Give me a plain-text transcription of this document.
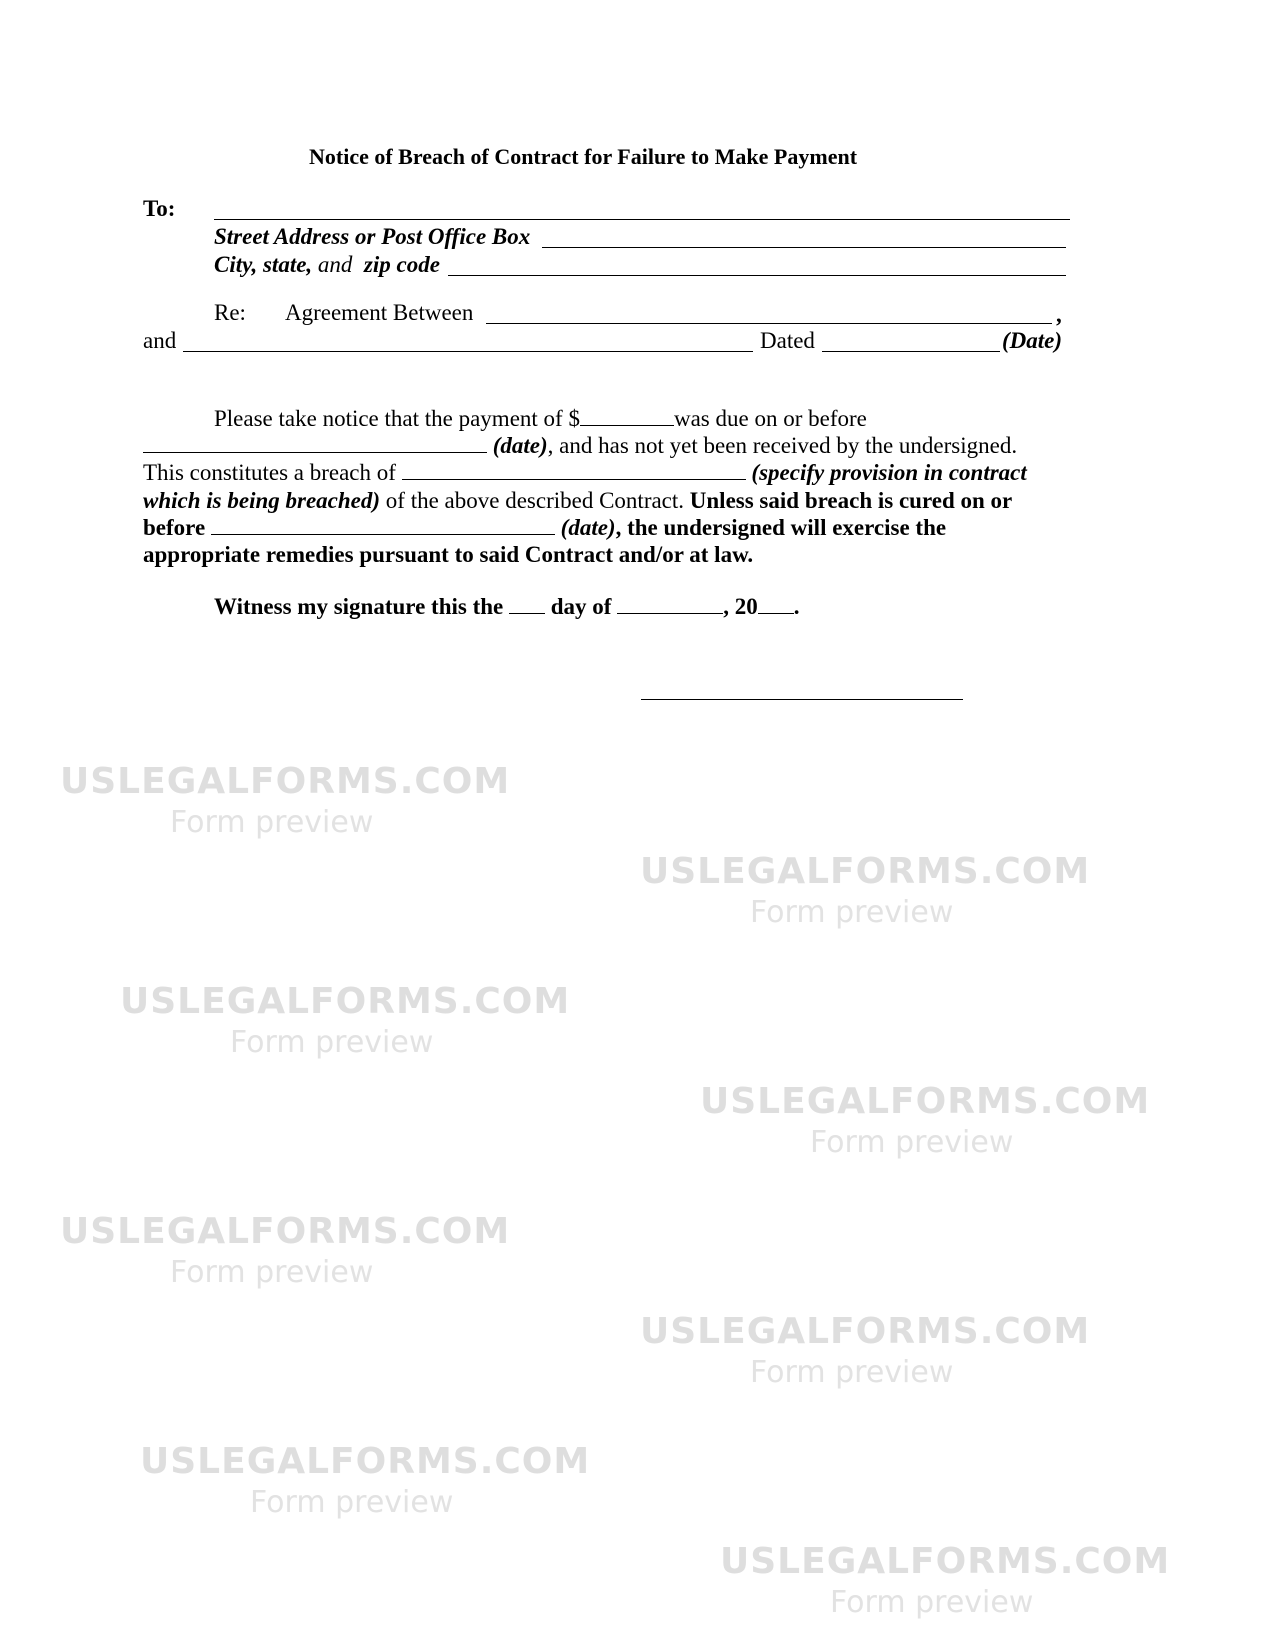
USLEGALFORMS.COM
Form preview
USLEGALFORMS.COM
Form preview
USLEGALFORMS.COM
Form preview
USLEGALFORMS.COM
Form preview
USLEGALFORMS.COM
Form preview
USLEGALFORMS.COM
Form preview
USLEGALFORMS.COM
Form preview
USLEGALFORMS.COM
Form preview
Notice of Breach of Contract for Failure to Make Payment
To:
Street Address or Post Office Box
City, state, and zip code
Re: Agreement Between	,
and	Dated	(Date)
Please take notice that the payment of $	was due on or before
(date), and has not yet been received by the undersigned.
This constitutes a breach of	(specify provision in contract
which is being breached) of the above described Contract. Unless said breach is cured on or
before	(date), the undersigned will exercise the
appropriate remedies pursuant to said Contract and/or at law.
Witness my signature this the day of	, 20 .
